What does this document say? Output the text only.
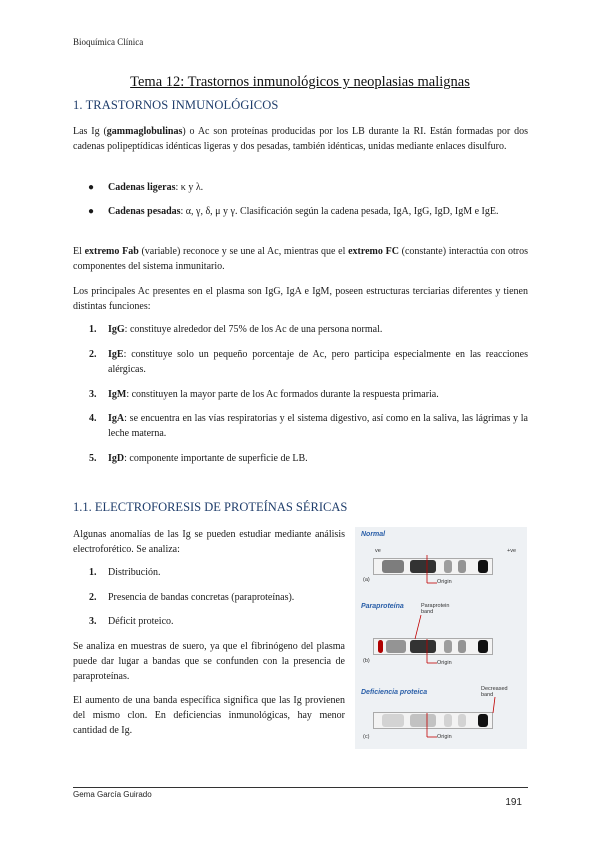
Bioquímica Clínica
Tema 12: Trastornos inmunológicos y neoplasias malignas
1. TRASTORNOS INMUNOLÓGICOS

Las Ig (gammaglobulinas) o Ac son proteínas producidas por los LB durante la RI. Están formadas por dos cadenas polipeptídicas idénticas ligeras y dos pesadas, también idénticas, unidas mediante enlaces disulfuro.

● Cadenas ligeras: κ y λ.
● Cadenas pesadas: α, γ, δ, μ y γ. Clasificación según la cadena pesada, IgA, IgG, IgD, IgM e IgE.

El extremo Fab (variable) reconoce y se une al Ac, mientras que el extremo FC (constante) interactúa con otros componentes del sistema inmunitario.

Los principales Ac presentes en el plasma son IgG, IgA e IgM, poseen estructuras terciarias diferentes y tienen distintas funciones:

1. IgG: constituye alrededor del 75% de los Ac de una persona normal.
2. IgE: constituye solo un pequeño porcentaje de Ac, pero participa especialmente en las reacciones alérgicas.
3. IgM: constituyen la mayor parte de los Ac formados durante la respuesta primaria.
4. IgA: se encuentra en las vías respiratorias y el sistema digestivo, así como en la saliva, las lágrimas y la leche materna.
5. IgD: componente importante de superficie de LB.
1.1. ELECTROFORESIS DE PROTEÍNAS SÉRICAS

Algunas anomalías de las Ig se pueden estudiar mediante análisis electroforético. Se analiza:

1. Distribución.
2. Presencia de bandas concretas (paraproteínas).
3. Déficit proteico.

Se analiza en muestras de suero, ya que el fibrinógeno del plasma puede dar lugar a bandas que se confunden con la presencia de paraproteínas.

El aumento de una banda específica significa que las Ig provienen del mismo clon. En deficiencias inmunológicas, hay menor cantidad de Ig.

Normal
ve	+ve
(a)	Origin
Paraproteína	Paraprotein band
(b)	Origin
Deficiencia proteica	Decreased band
(c)	Origin
Gema García Guirado
191
